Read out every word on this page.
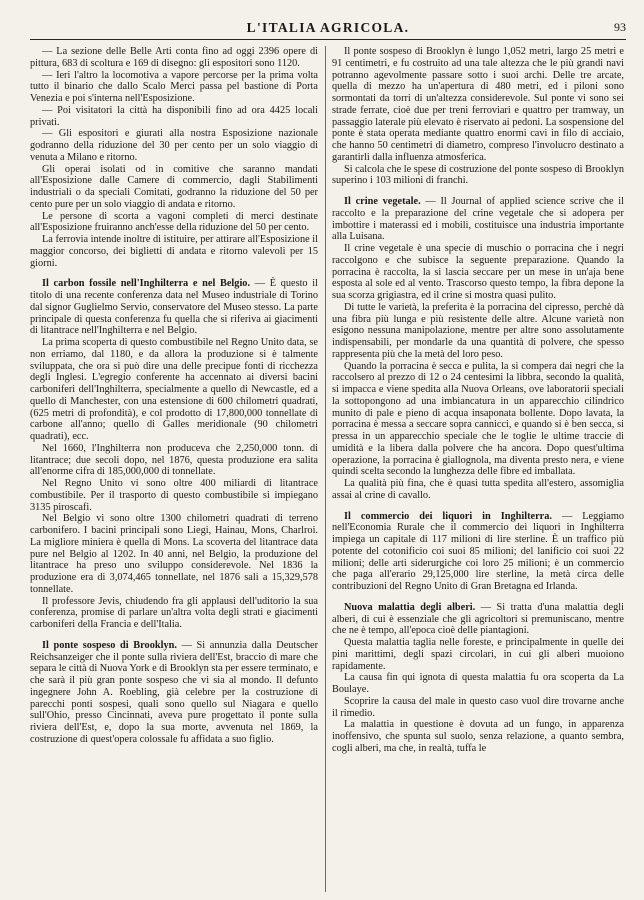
L'ITALIA AGRICOLA.	93

— La sezione delle Belle Arti conta fino ad oggi 2396 opere di pittura, 683 di scoltura e 169 di disegno: gli espositori sono 1120.

— Ieri l'altro la locomotiva a vapore percorse per la prima volta tutto il binario che dallo Scalo Merci passa pel bastione di Porta Venezia e poi s'interna nell'Esposizione.

— Poi visitatori la città ha disponibili fino ad ora 4425 locali privati.

— Gli espositori e giurati alla nostra Esposizione nazionale godranno della riduzione del 30 per cento per un solo viaggio di venuta a Milano e ritorno.

Gli operai isolati od in comitive che saranno mandati all'Esposizione dalle Camere di commercio, dagli Stabilimenti industriali o da speciali Comitati, godranno la riduzione del 50 per cento pure per un solo viaggio di andata e ritorno.

Le persone di scorta a vagoni completi di merci destinate all'Esposizione fruiranno anch'esse della riduzione del 50 per cento.

La ferrovia intende inoltre di istituire, per attirare all'Esposizione il maggior concorso, dei biglietti di andata e ritorno valevoli per 15 giorni.

Il carbon fossile nell'Inghilterra e nel Belgio. — È questo il titolo di una recente conferenza data nel Museo industriale di Torino dal signor Guglielmo Servio, conservatore del Museo stesso. La parte principale di questa conferenza fu quella che si riferiva ai giacimenti di litantrace nell'Inghilterra e nel Belgio.

La prima scoperta di questo combustibile nel Regno Unito data, se non erriamo, dal 1180, e da allora la produzione si è talmente sviluppata, che ora si può dire una delle precipue fonti di ricchezza degli Inglesi. L'egregio conferente ha accennato ai diversi bacini carboniferi dell'Inghilterra, specialmente a quello di Newcastle, ed a quello di Manchester, con una estensione di 600 chilometri quadrati, (625 metri di profondità), e col prodotto di 17,800,000 tonnellate di carbone all'anno; quello di Galles meridionale (90 chilometri quadrati), ecc.

Nel 1660, l'Inghilterra non produceva che 2,250,000 tonn. di litantrace; due secoli dopo, nel 1876, questa produzione era salita all'enorme cifra di 185,000,000 di tonnellate.

Nel Regno Unito vi sono oltre 400 miliardi di litantrace combustibile. Per il trasporto di questo combustibile si impiegano 3135 piroscafi.

Nel Belgio vi sono oltre 1300 chilometri quadrati di terreno carbonifero. I bacini principali sono Liegi, Hainau, Mons, Charlroi. La migliore miniera è quella di Mons. La scoverta del litantrace data pure nel Belgio al 1202. In 40 anni, nel Belgio, la produzione del litantrace ha preso uno sviluppo considerevole. Nel 1836 la produzione era di 3,074,465 tonnellate, nel 1876 sali a 15,329,578 tonnellate.

Il professore Jevis, chiudendo fra gli applausi dell'uditorio la sua conferenza, promise di parlare un'altra volta degli strati e giacimenti carboniferi della Francia e dell'Italia.

Il ponte sospeso di Brooklyn. — Si annunzia dalla Deutscher Reichsanzeiger che il ponte sulla riviera dell'Est, braccio di mare che separa le città di Nuova York e di Brooklyn sta per essere terminato, e che sarà il più gran ponte sospeso che vi sia al mondo. Il defunto ingegnere John A. Roebling, già celebre per la costruzione di parecchi ponti sospesi, quali sono quello sul Niagara e quello sull'Ohio, presso Cincinnati, aveva pure progettato il ponte sulla riviera dell'Est, e, dopo la sua morte, avvenuta nel 1869, la costruzione di quest'opera colossale fu affidata a suo figlio.

Il ponte sospeso di Brooklyn è lungo 1,052 metri, largo 25 metri e 91 centimetri, e fu costruito ad una tale altezza che le più grandi navi potranno agevolmente passare sotto i suoi archi. Delle tre arcate, quella di mezzo ha un'apertura di 480 metri, ed i piloni sono sormontati da torri di un'altezza considerevole. Sul ponte vi sono sei strade ferrate, cioè due per treni ferroviari e quattro per tramway, un passaggio laterale più elevato è riservato ai pedoni. La sospensione del ponte è stata operata mediante quattro enormi cavi in filo di acciaio, che hanno 50 centimetri di diametro, compreso l'involucro destinato a garantirli dalla influenza atmosferica.

Si calcola che le spese di costruzione del ponte sospeso di Brooklyn superino i 103 milioni di franchi.

Il crine vegetale. — Il Journal of applied science scrive che il raccolto e la preparazione del crine vegetale che si adopera per imbottire i materassi ed i mobili, costituisce una industria importante alla Luisana.

Il crine vegetale è una specie di muschio o porracina che i negri raccolgono e che subisce la seguente preparazione. Quando la porracina è raccolta, la si lascia seccare per un mese in un'aja bene esposta al sole ed al vento. Trascorso questo tempo, la fibra depone la sua scorza grigiastra, ed il crine si mostra quasi pulito.

Di tutte le varietà, la preferita è la porracina del cipresso, perchè dà una fibra più lunga e più resistente delle altre. Alcune varietà non esigono nessuna manipolazione, mentre per altre sono assolutamente indispensabili, per mondarle da una quantità di polvere, che spesso rappresenta più che la metà del loro peso.

Quando la porracina è secca e pulita, la si compera dai negri che la raccolsero al prezzo di 12 o 24 centesimi la libbra, secondo la qualità, si impacca e viene spedita alla Nuova Orleans, ove laboratorii speciali la sottopongono ad una imbiancatura in un apparecchio cilindrico munito di pale e pieno di acqua insaponata bollente. Dopo lavata, la porracina è messa a seccare sopra cannicci, e quando si è ben secca, si pressa in un apparecchio speciale che le toglie le ultime traccie di umidità e la libera dalla polvere che ha ancora. Dopo quest'ultima operazione, la porracina è giallognola, ma diventa presto nera, e viene quindi scelta secondo la lunghezza delle fibre ed imballata.

La qualità più fina, che è quasi tutta spedita all'estero, assomiglia assai al crine di cavallo.

Il commercio dei liquori in Inghilterra. — Leggiamo nell'Economia Rurale che il commercio dei liquori in Inghilterra impiega un capitale di 117 milioni di lire sterline. È un traffico più potente del cotonificio coi suoi 85 milioni; del lanificio coi suoi 22 milioni; delle arti siderurgiche coi loro 25 milioni; è un commercio che paga all'erario 29,125,000 lire sterline, la metà circa delle contribuzioni del Regno Unito di Gran Bretagna ed Irlanda.

Nuova malattia degli alberi. — Si tratta d'una malattia degli alberi, di cui è essenziale che gli agricoltori si premuniscano, mentre che ne è tempo, all'epoca cioè delle piantagioni.

Questa malattia taglia nelle foreste, e principalmente in quelle dei pini marittimi, degli spazi circolari, in cui gli alberi muoiono rapidamente.

La causa fin qui ignota di questa malattia fu ora scoperta da La Boulaye.

Scoprire la causa del male in questo caso vuol dire trovarne anche il rimedio.

La malattia in questione è dovuta ad un fungo, in apparenza inoffensivo, che spunta sul suolo, senza relazione, a quanto sembra, cogli alberi, ma che, in realtà, tuffa le
